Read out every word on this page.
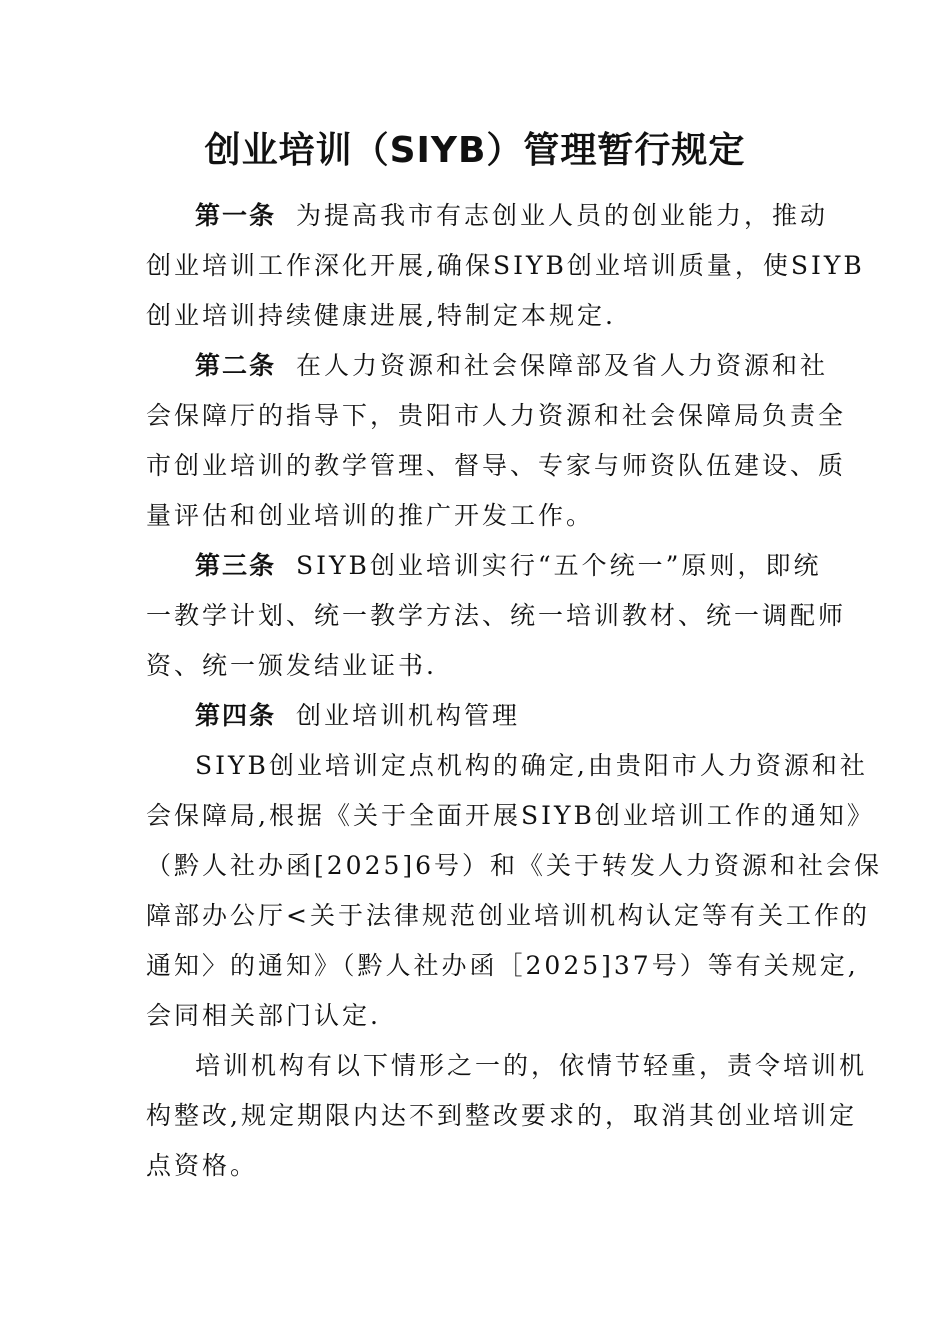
创业培训（SIYB）管理暂行规定
第一条 为提高我市有志创业人员的创业能力，推动
创业培训工作深化开展,确保SIYB创业培训质量，使SIYB
创业培训持续健康进展,特制定本规定.
第二条 在人力资源和社会保障部及省人力资源和社
会保障厅的指导下，贵阳市人力资源和社会保障局负责全
市创业培训的教学管理、督导、专家与师资队伍建设、质
量评估和创业培训的推广开发工作。
第三条 SIYB创业培训实行“五个统一”原则，即统
一教学计划、统一教学方法、统一培训教材、统一调配师
资、统一颁发结业证书.
第四条 创业培训机构管理
SIYB创业培训定点机构的确定,由贵阳市人力资源和社
会保障局,根据《关于全面开展SIYB创业培训工作的通知》
（黔人社办函[2025]6号）和《关于转发人力资源和社会保
障部办公厅<关于法律规范创业培训机构认定等有关工作的
通知〉的通知》（黔人社办函［2025]37号）等有关规定,
会同相关部门认定.
培训机构有以下情形之一的，依情节轻重，责令培训机
构整改,规定期限内达不到整改要求的，取消其创业培训定
点资格。
